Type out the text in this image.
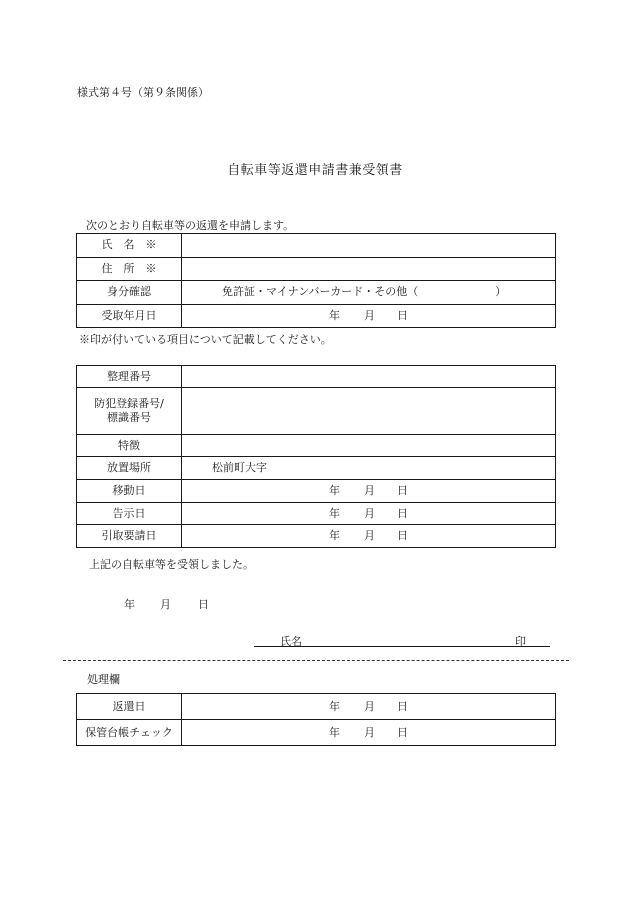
様式第４号（第９条関係）
自転車等返還申請書兼受領書
次のとおり自転車等の返還を申請します。
氏　名　※	
住　所　※	
身分確認	免許証・マイナンバーカード・その他（　　　　　　　）
受取年月日	年 月 日
※印が付いている項目について記載してください。
整理番号	

防犯登録番号/
標識番号	

特徴	
放置場所	松前町大字
移動日	年 月 日
告示日	年 月 日
引取要請日	年 月 日
上記の自転車等を受領しました。
年 月 日
氏名	印
処理欄
返還日	年 月 日
保管台帳チェック	年 月 日
